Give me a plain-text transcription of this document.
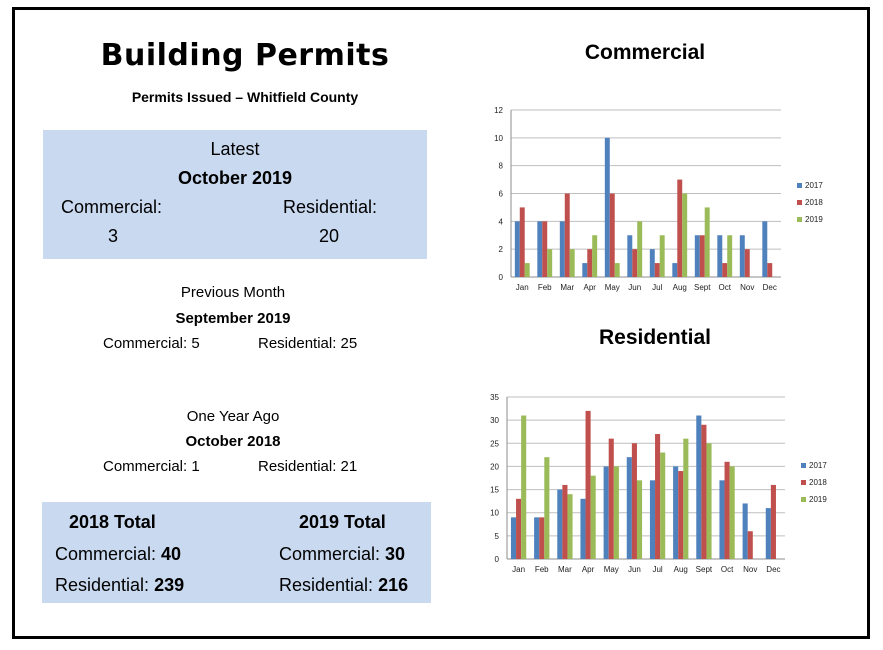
Building Permits
Permits Issued – Whitfield County
Latest
October 2019
Commercial:	Residential:
3	20
Previous Month
September 2019
Commercial: 5	Residential: 25
One Year Ago
October 2018
Commercial: 1	Residential: 21
2018 Total
Commercial: 40
Residential: 239
2019 Total
Commercial: 30
Residential: 216
Commercial
0
2
4
6
8
10
12
Jan Feb Mar Apr May Jun Jul Aug Sept Oct Nov Dec
2017
2018
2019
Residential
0
5
10
15
20
25
30
35
Jan Feb Mar Apr May Jun Jul Aug Sept Oct Nov Dec
2017
2018
2019
